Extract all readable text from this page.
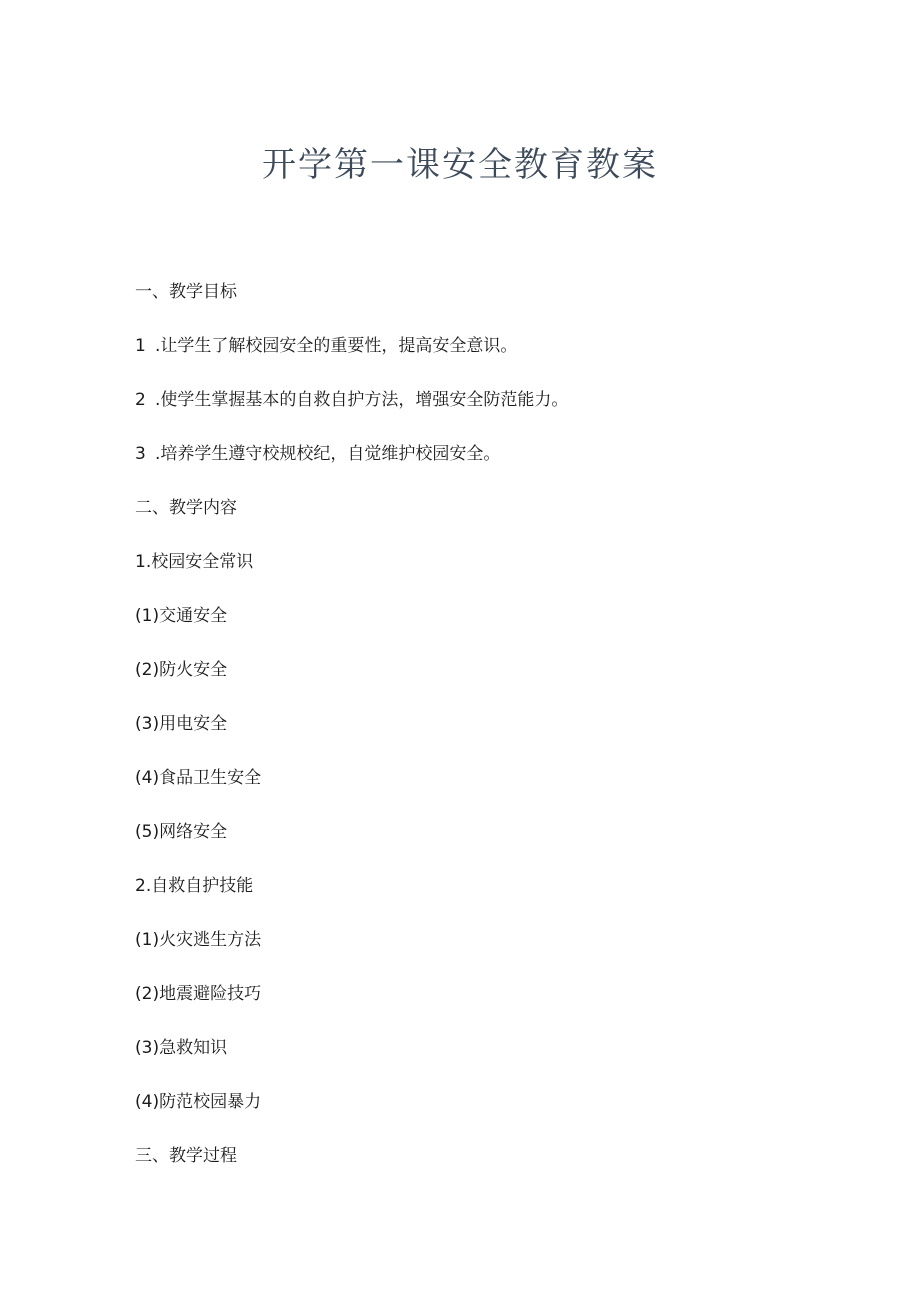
开学第一课安全教育教案
一、教学目标
1 .让学生了解校园安全的重要性，提高安全意识。
2 .使学生掌握基本的自救自护方法，增强安全防范能力。
3 .培养学生遵守校规校纪，自觉维护校园安全。
二、教学内容
1.校园安全常识
(1)交通安全
(2)防火安全
(3)用电安全
(4)食品卫生安全
(5)网络安全
2.自救自护技能
(1)火灾逃生方法
(2)地震避险技巧
(3)急救知识
(4)防范校园暴力
三、教学过程
